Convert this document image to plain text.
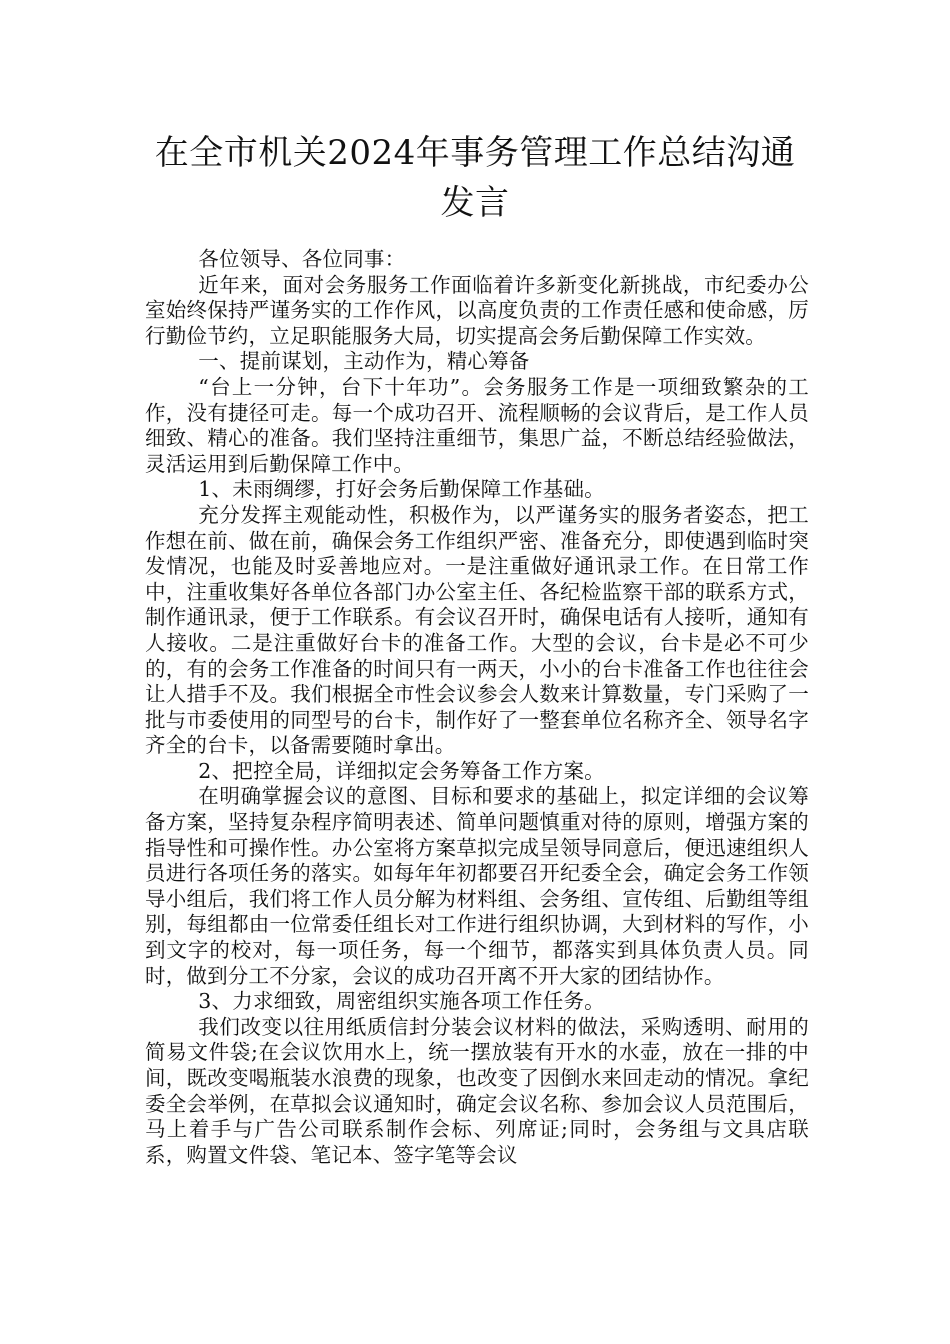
在全市机关2024年事务管理工作总结沟通
发言

各位领导、各位同事：

近年来，面对会务服务工作面临着许多新变化新挑战，市纪委办公室始终保持严谨务实的工作作风，以高度负责的工作责任感和使命感，厉行勤俭节约，立足职能服务大局，切实提高会务后勤保障工作实效。

一、提前谋划，主动作为，精心筹备

“台上一分钟，台下十年功”。会务服务工作是一项细致繁杂的工作，没有捷径可走。每一个成功召开、流程顺畅的会议背后，是工作人员细致、精心的准备。我们坚持注重细节，集思广益，不断总结经验做法，灵活运用到后勤保障工作中。

1、未雨绸缪，打好会务后勤保障工作基础。

充分发挥主观能动性，积极作为，以严谨务实的服务者姿态，把工作想在前、做在前，确保会务工作组织严密、准备充分，即使遇到临时突发情况，也能及时妥善地应对。一是注重做好通讯录工作。在日常工作中，注重收集好各单位各部门办公室主任、各纪检监察干部的联系方式，制作通讯录，便于工作联系。有会议召开时，确保电话有人接听，通知有人接收。二是注重做好台卡的准备工作。大型的会议，台卡是必不可少的，有的会务工作准备的时间只有一两天，小小的台卡准备工作也往往会让人措手不及。我们根据全市性会议参会人数来计算数量，专门采购了一批与市委使用的同型号的台卡，制作好了一整套单位名称齐全、领导名字齐全的台卡，以备需要随时拿出。

2、把控全局，详细拟定会务筹备工作方案。

在明确掌握会议的意图、目标和要求的基础上，拟定详细的会议筹备方案，坚持复杂程序简明表述、简单问题慎重对待的原则，增强方案的指导性和可操作性。办公室将方案草拟完成呈领导同意后，便迅速组织人员进行各项任务的落实。如每年年初都要召开纪委全会，确定会务工作领导小组后，我们将工作人员分解为材料组、会务组、宣传组、后勤组等组别，每组都由一位常委任组长对工作进行组织协调，大到材料的写作，小到文字的校对，每一项任务，每一个细节，都落实到具体负责人员。同时，做到分工不分家，会议的成功召开离不开大家的团结协作。

3、力求细致，周密组织实施各项工作任务。

我们改变以往用纸质信封分装会议材料的做法，采购透明、耐用的简易文件袋;在会议饮用水上，统一摆放装有开水的水壶，放在一排的中间，既改变喝瓶装水浪费的现象，也改变了因倒水来回走动的情况。拿纪委全会举例，在草拟会议通知时，确定会议名称、参加会议人员范围后，马上着手与广告公司联系制作会标、列席证;同时，会务组与文具店联系，购置文件袋、笔记本、签字笔等会议
